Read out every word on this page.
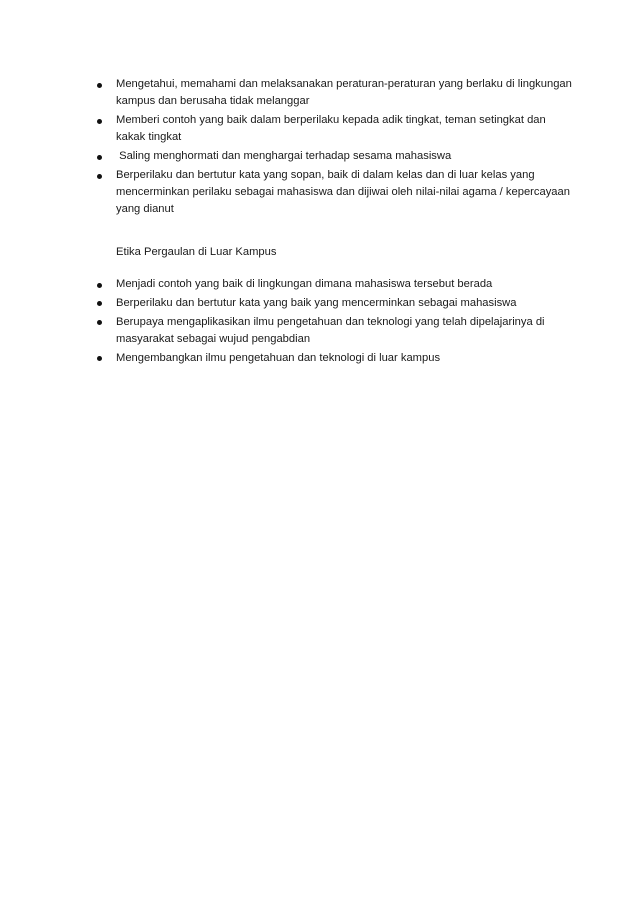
Mengetahui, memahami dan melaksanakan peraturan-peraturan yang berlaku di lingkungan kampus dan berusaha tidak melanggar
Memberi contoh yang baik dalam berperilaku kepada adik tingkat, teman setingkat dan kakak tingkat
Saling menghormati dan menghargai terhadap sesama mahasiswa
Berperilaku dan bertutur kata yang sopan, baik di dalam kelas dan di luar kelas yang mencerminkan perilaku sebagai mahasiswa dan dijiwai oleh nilai-nilai agama / kepercayaan yang dianut

Etika Pergaulan di Luar Kampus

Menjadi contoh yang baik di lingkungan dimana mahasiswa tersebut berada
Berperilaku dan bertutur kata yang baik yang mencerminkan sebagai mahasiswa
Berupaya mengaplikasikan ilmu pengetahuan dan teknologi yang telah dipelajarinya di masyarakat sebagai wujud pengabdian
Mengembangkan ilmu pengetahuan dan teknologi di luar kampus
